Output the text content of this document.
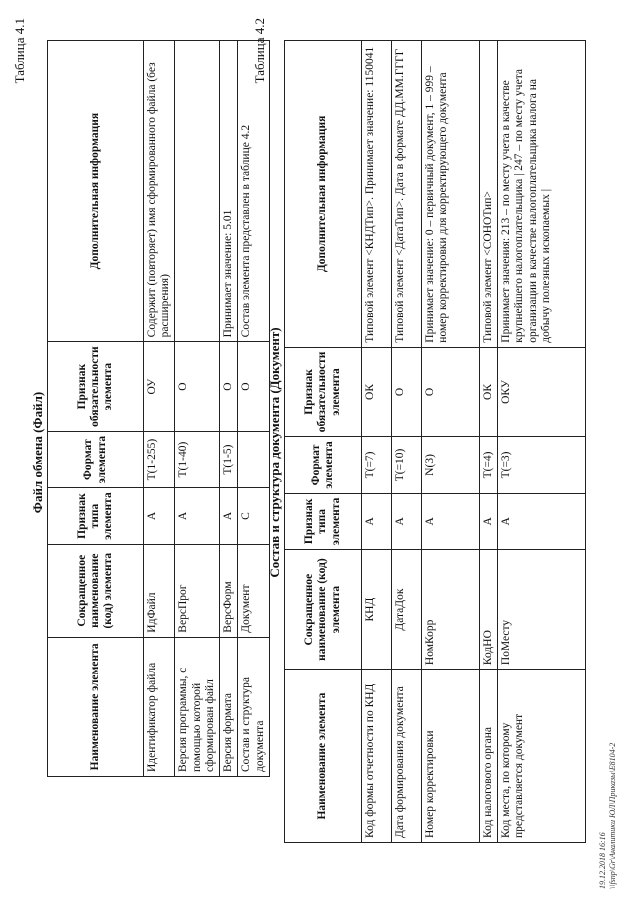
Таблица 4.1
Файл обмена (Файл)
Наименование элемента	Сокращенное наименование (код) элемента	Признак типа элемента	Формат элемента	Признак обязательности элемента	Дополнительная информация
Идентификатор файла	ИдФайл	А	Т(1-255)	ОУ	Содержит (повторяет) имя сформированного файла (без расширения)
Версия программы, с помощью которой сформирован файл	ВерсПрог	А	Т(1-40)	О	
Версия формата	ВерсФорм	А	Т(1-5)	О	Принимает значение: 5.01
Состав и структура документа	Документ	С		О	Состав элемента представлен в таблице 4.2
Таблица 4.2
Состав и структура документа (Документ)
Наименование элемента	Сокращенное наименование (код) элемента	Признак типа элемента	Формат элемента	Признак обязательности элемента	Дополнительная информация
Код формы отчетности по КНД	КНД	А	Т(=7)	ОК	Типовой элемент <КНДТип>. Принимает значение: 1150041
Дата формирования документа	ДатаДок	А	Т(=10)	О	Типовой элемент <ДатаТип>. Дата в формате ДД.ММ.ГГГГ
Номер корректировки	НомКорр	А	N(3)	О	Принимает значение: 0 – первичный документ, 1 – 999 – номер корректировки для корректирующего документа
Код налогового органа	КодНО	А	Т(=4)	ОК	Типовой элемент <СОНОТип>
Код места, по которому представляется документ	ПоМесту	А	Т(=3)	ОКУ	Принимает значения: 213 – по месту учета в качестве крупнейшего налогоплательщика | 247 – по месту учета организации в качестве налогоплательщика налога на добычу полезных ископаемых |
19.12.2018 16:16 \\fsnp\Gr\Аналитики ЮЛ\Приказы\Е8104-2
